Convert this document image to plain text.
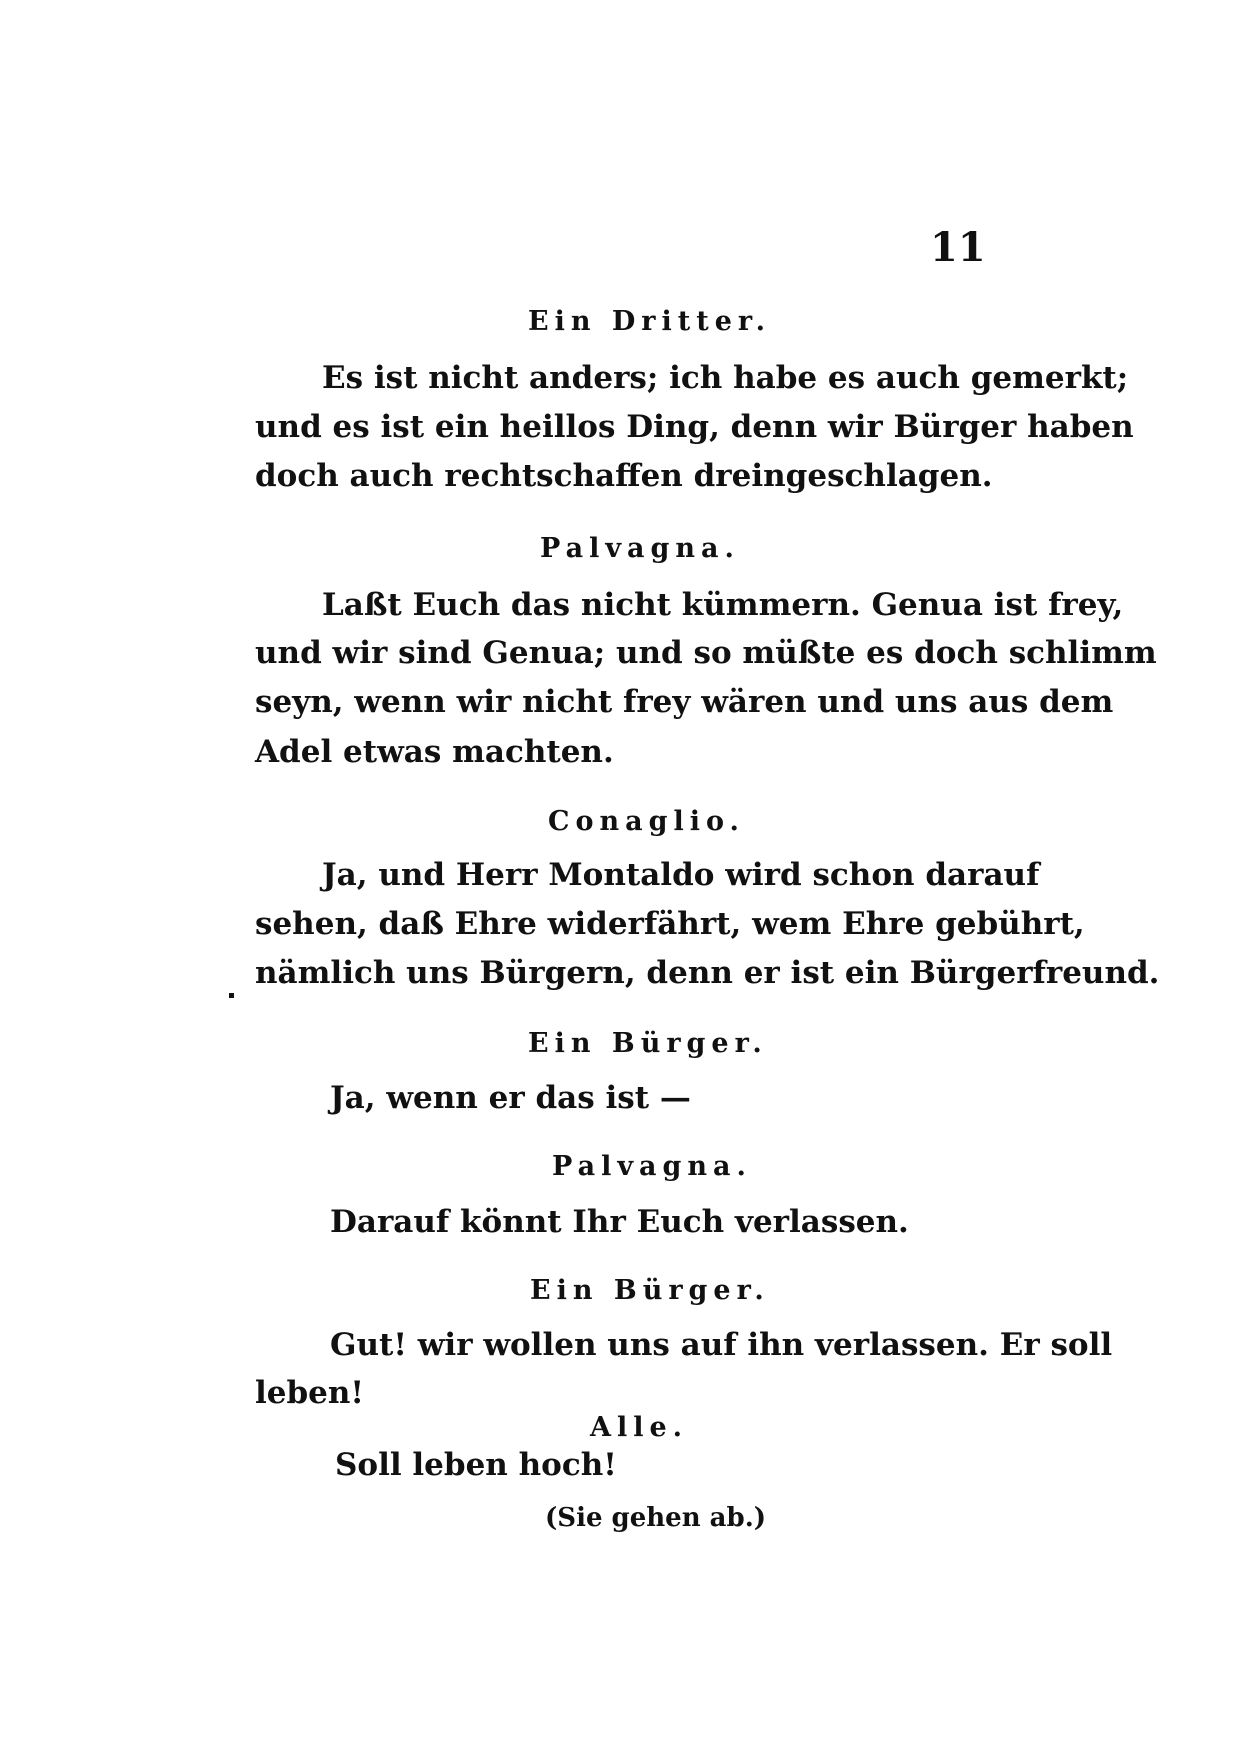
11
Ein Dritter.
Es ist nicht anders; ich habe es auch gemerkt;
und es ist ein heillos Ding, denn wir Bürger haben
doch auch rechtschaffen dreingeschlagen.
Palvagna.
Laßt Euch das nicht kümmern. Genua ist frey,
und wir sind Genua; und so müßte es doch schlimm
seyn, wenn wir nicht frey wären und uns aus dem
Adel etwas machten.
Conaglio.
Ja, und Herr Montaldo wird schon darauf
sehen, daß Ehre widerfährt, wem Ehre gebührt,
nämlich uns Bürgern, denn er ist ein Bürgerfreund.
Ein Bürger.
Ja, wenn er das ist —
Palvagna.
Darauf könnt Ihr Euch verlassen.
Ein Bürger.
Gut! wir wollen uns auf ihn verlassen. Er soll
leben!
Alle.
Soll leben hoch!
(Sie gehen ab.)
